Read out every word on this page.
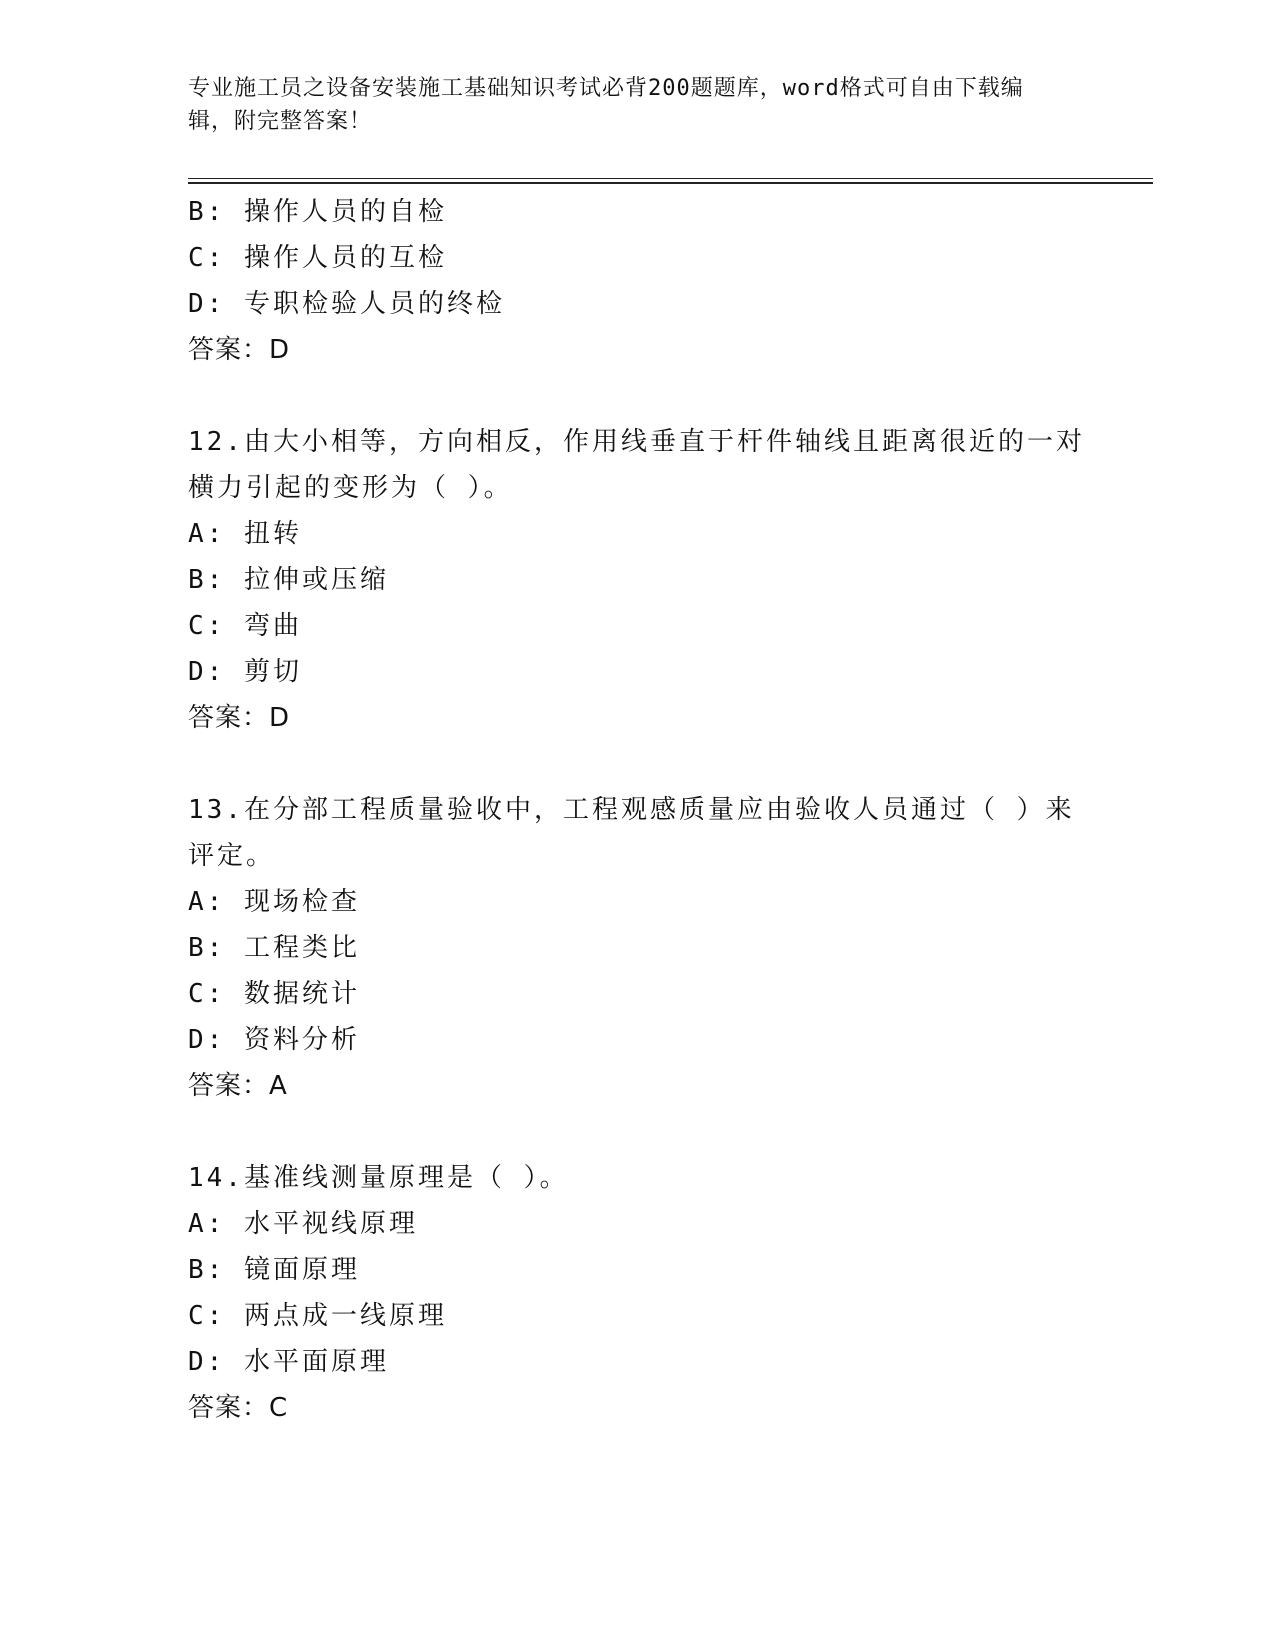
专业施工员之设备安装施工基础知识考试必背200题题库，word格式可自由下载编辑，附完整答案！
B: 操作人员的自检
C: 操作人员的互检
D: 专职检验人员的终检
答案：D
12.由大小相等，方向相反，作用线垂直于杆件轴线且距离很近的一对横力引起的变形为（ ）。
A: 扭转
B: 拉伸或压缩
C: 弯曲
D: 剪切
答案：D
13.在分部工程质量验收中，工程观感质量应由验收人员通过（ ）来评定。
A: 现场检查
B: 工程类比
C: 数据统计
D: 资料分析
答案：A
14.基准线测量原理是（ ）。
A: 水平视线原理
B: 镜面原理
C: 两点成一线原理
D: 水平面原理
答案：C
